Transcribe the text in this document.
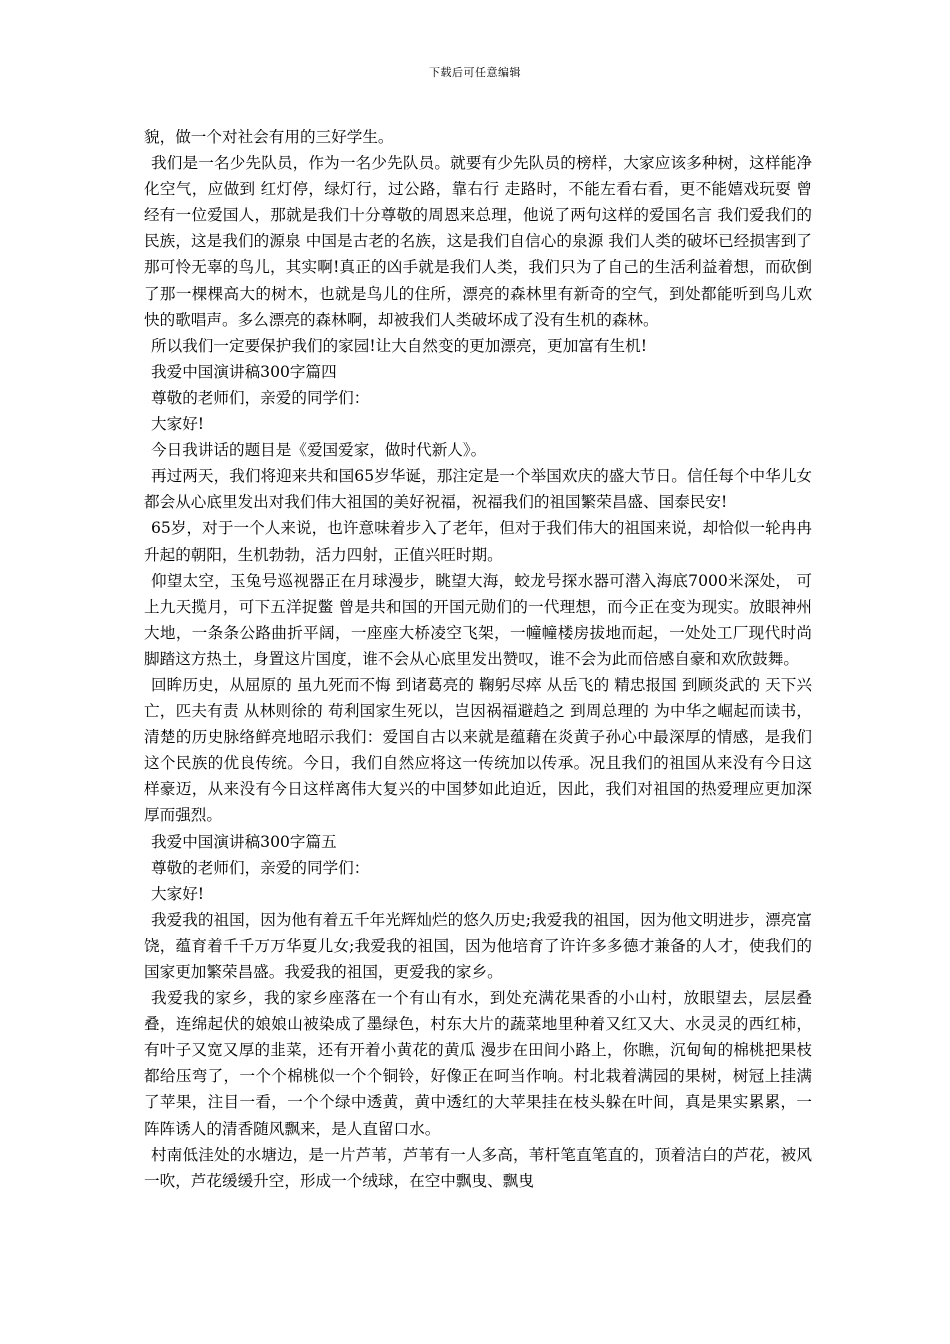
下载后可任意编辑

貌，做一个对社会有用的三好学生。

我们是一名少先队员，作为一名少先队员。就要有少先队员的榜样，大家应该多种树，这样能净化空气，应做到 红灯停，绿灯行，过公路，靠右行 走路时，不能左看右看，更不能嬉戏玩耍 曾经有一位爱国人，那就是我们十分尊敬的周恩来总理，他说了两句这样的爱国名言 我们爱我们的民族，这是我们的源泉 中国是古老的名族，这是我们自信心的泉源 我们人类的破坏已经损害到了那可怜无辜的鸟儿，其实啊!真正的凶手就是我们人类，我们只为了自己的生活利益着想，而砍倒了那一棵棵高大的树木，也就是鸟儿的住所，漂亮的森林里有新奇的空气，到处都能听到鸟儿欢快的歌唱声。多么漂亮的森林啊，却被我们人类破坏成了没有生机的森林。

所以我们一定要保护我们的家园!让大自然变的更加漂亮，更加富有生机!

我爱中国演讲稿300字篇四

尊敬的老师们，亲爱的同学们：

大家好!

今日我讲话的题目是《爱国爱家，做时代新人》。

再过两天，我们将迎来共和国65岁华诞，那注定是一个举国欢庆的盛大节日。信任每个中华儿女都会从心底里发出对我们伟大祖国的美好祝福，祝福我们的祖国繁荣昌盛、国泰民安!

65岁，对于一个人来说，也许意味着步入了老年，但对于我们伟大的祖国来说，却恰似一轮冉冉升起的朝阳，生机勃勃，活力四射，正值兴旺时期。

仰望太空，玉兔号巡视器正在月球漫步，眺望大海，蛟龙号探水器可潜入海底7000米深处， 可上九天揽月，可下五洋捉鳖 曾是共和国的开国元勋们的一代理想，而今正在变为现实。放眼神州大地，一条条公路曲折平阔，一座座大桥凌空飞架，一幢幢楼房拔地而起，一处处工厂现代时尚 脚踏这方热土，身置这片国度，谁不会从心底里发出赞叹，谁不会为此而倍感自豪和欢欣鼓舞。

回眸历史，从屈原的 虽九死而不悔 到诸葛亮的 鞠躬尽瘁 从岳飞的 精忠报国 到顾炎武的 天下兴亡，匹夫有责 从林则徐的 苟利国家生死以，岂因祸福避趋之 到周总理的 为中华之崛起而读书，清楚的历史脉络鲜亮地昭示我们：爱国自古以来就是蕴藉在炎黄子孙心中最深厚的情感，是我们这个民族的优良传统。今日，我们自然应将这一传统加以传承。况且我们的祖国从来没有今日这样豪迈，从来没有今日这样离伟大复兴的中国梦如此迫近，因此，我们对祖国的热爱理应更加深厚而强烈。

我爱中国演讲稿300字篇五

尊敬的老师们，亲爱的同学们：

大家好!

我爱我的祖国，因为他有着五千年光辉灿烂的悠久历史;我爱我的祖国，因为他文明进步，漂亮富饶，蕴育着千千万万华夏儿女;我爱我的祖国，因为他培育了许许多多德才兼备的人才，使我们的国家更加繁荣昌盛。我爱我的祖国，更爱我的家乡。

我爱我的家乡，我的家乡座落在一个有山有水，到处充满花果香的小山村，放眼望去，层层叠叠，连绵起伏的娘娘山被染成了墨绿色，村东大片的蔬菜地里种着又红又大、水灵灵的西红柿，有叶子又宽又厚的韭菜，还有开着小黄花的黄瓜 漫步在田间小路上，你瞧，沉甸甸的棉桃把果枝都给压弯了，一个个棉桃似一个个铜铃，好像正在呵当作响。村北栽着满园的果树，树冠上挂满了苹果，注目一看，一个个绿中透黄，黄中透红的大苹果挂在枝头躲在叶间，真是果实累累，一阵阵诱人的清香随风飘来，是人直留口水。

村南低洼处的水塘边，是一片芦苇，芦苇有一人多高，苇杆笔直笔直的，顶着洁白的芦花，被风一吹，芦花缓缓升空，形成一个绒球，在空中飘曳、飘曳
